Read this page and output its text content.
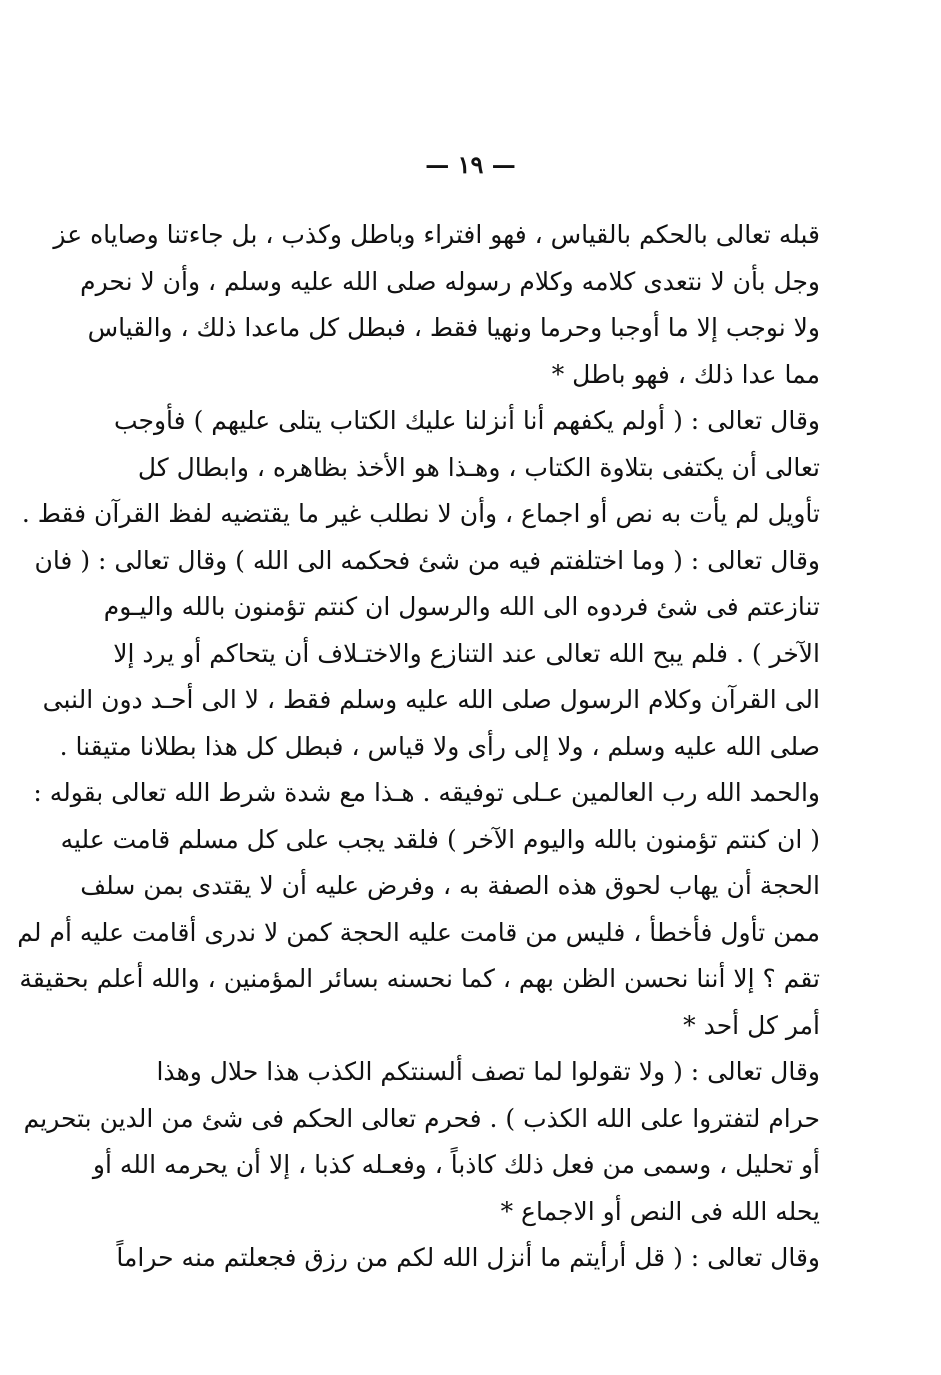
— ١٩ —
قبله تعالى بالحكم بالقياس ، فهو افتراء وباطل وكذب ، بل جاءتنا وصاياه عز
وجل بأن لا نتعدى كلامه وكلام رسوله صلى الله عليه وسلم ، وأن لا نحرم
ولا نوجب إلا ما أوجبا وحرما ونهيا فقط ، فبطل كل ماعدا ذلك ، والقياس
مما عدا ذلك ، فهو باطل *
وقال تعالى : ( أولم يكفهم أنا أنزلنا عليك الكتاب يتلى عليهم ) فأوجب
تعالى أن يكتفى بتلاوة الكتاب ، وهـذا هو الأخذ بظاهره ، وابطال كل
تأويل لم يأت به نص أو اجماع ، وأن لا نطلب غير ما يقتضيه لفظ القرآن فقط .
وقال تعالى : ( وما اختلفتم فيه من شئ فحكمه الى الله ) وقال تعالى : ( فان
تنازعتم فى شئ فردوه الى الله والرسول ان كنتم تؤمنون بالله واليـوم
الآخر ) . فلم يبح الله تعالى عند التنازع والاختـلاف أن يتحاكم أو يرد إلا
الى القرآن وكلام الرسول صلى الله عليه وسلم فقط ، لا الى أحـد دون النبى
صلى الله عليه وسلم ، ولا إلى رأى ولا قياس ، فبطل كل هذا بطلانا متيقنا .
والحمد الله رب العالمين عـلى توفيقه . هـذا مع شدة شرط الله تعالى بقوله :
( ان كنتم تؤمنون بالله واليوم الآخر ) فلقد يجب على كل مسلم قامت عليه
الحجة أن يهاب لحوق هذه الصفة به ، وفرض عليه أن لا يقتدى بمن سلف
ممن تأول فأخطأ ، فليس من قامت عليه الحجة كمن لا ندرى أقامت عليه أم لم
تقم ؟ إلا أننا نحسن الظن بهم ، كما نحسنه بسائر المؤمنين ، والله أعلم بحقيقة
أمر كل أحد *
وقال تعالى : ( ولا تقولوا لما تصف ألسنتكم الكذب هذا حلال وهذا
حرام لتفتروا على الله الكذب ) . فحرم تعالى الحكم فى شئ من الدين بتحريم
أو تحليل ، وسمى من فعل ذلك كاذباً ، وفعـله كذبا ، إلا أن يحرمه الله أو
يحله الله فى النص أو الاجماع *
وقال تعالى : ( قل أرأيتم ما أنزل الله لكم من رزق فجعلتم منه حراماً
